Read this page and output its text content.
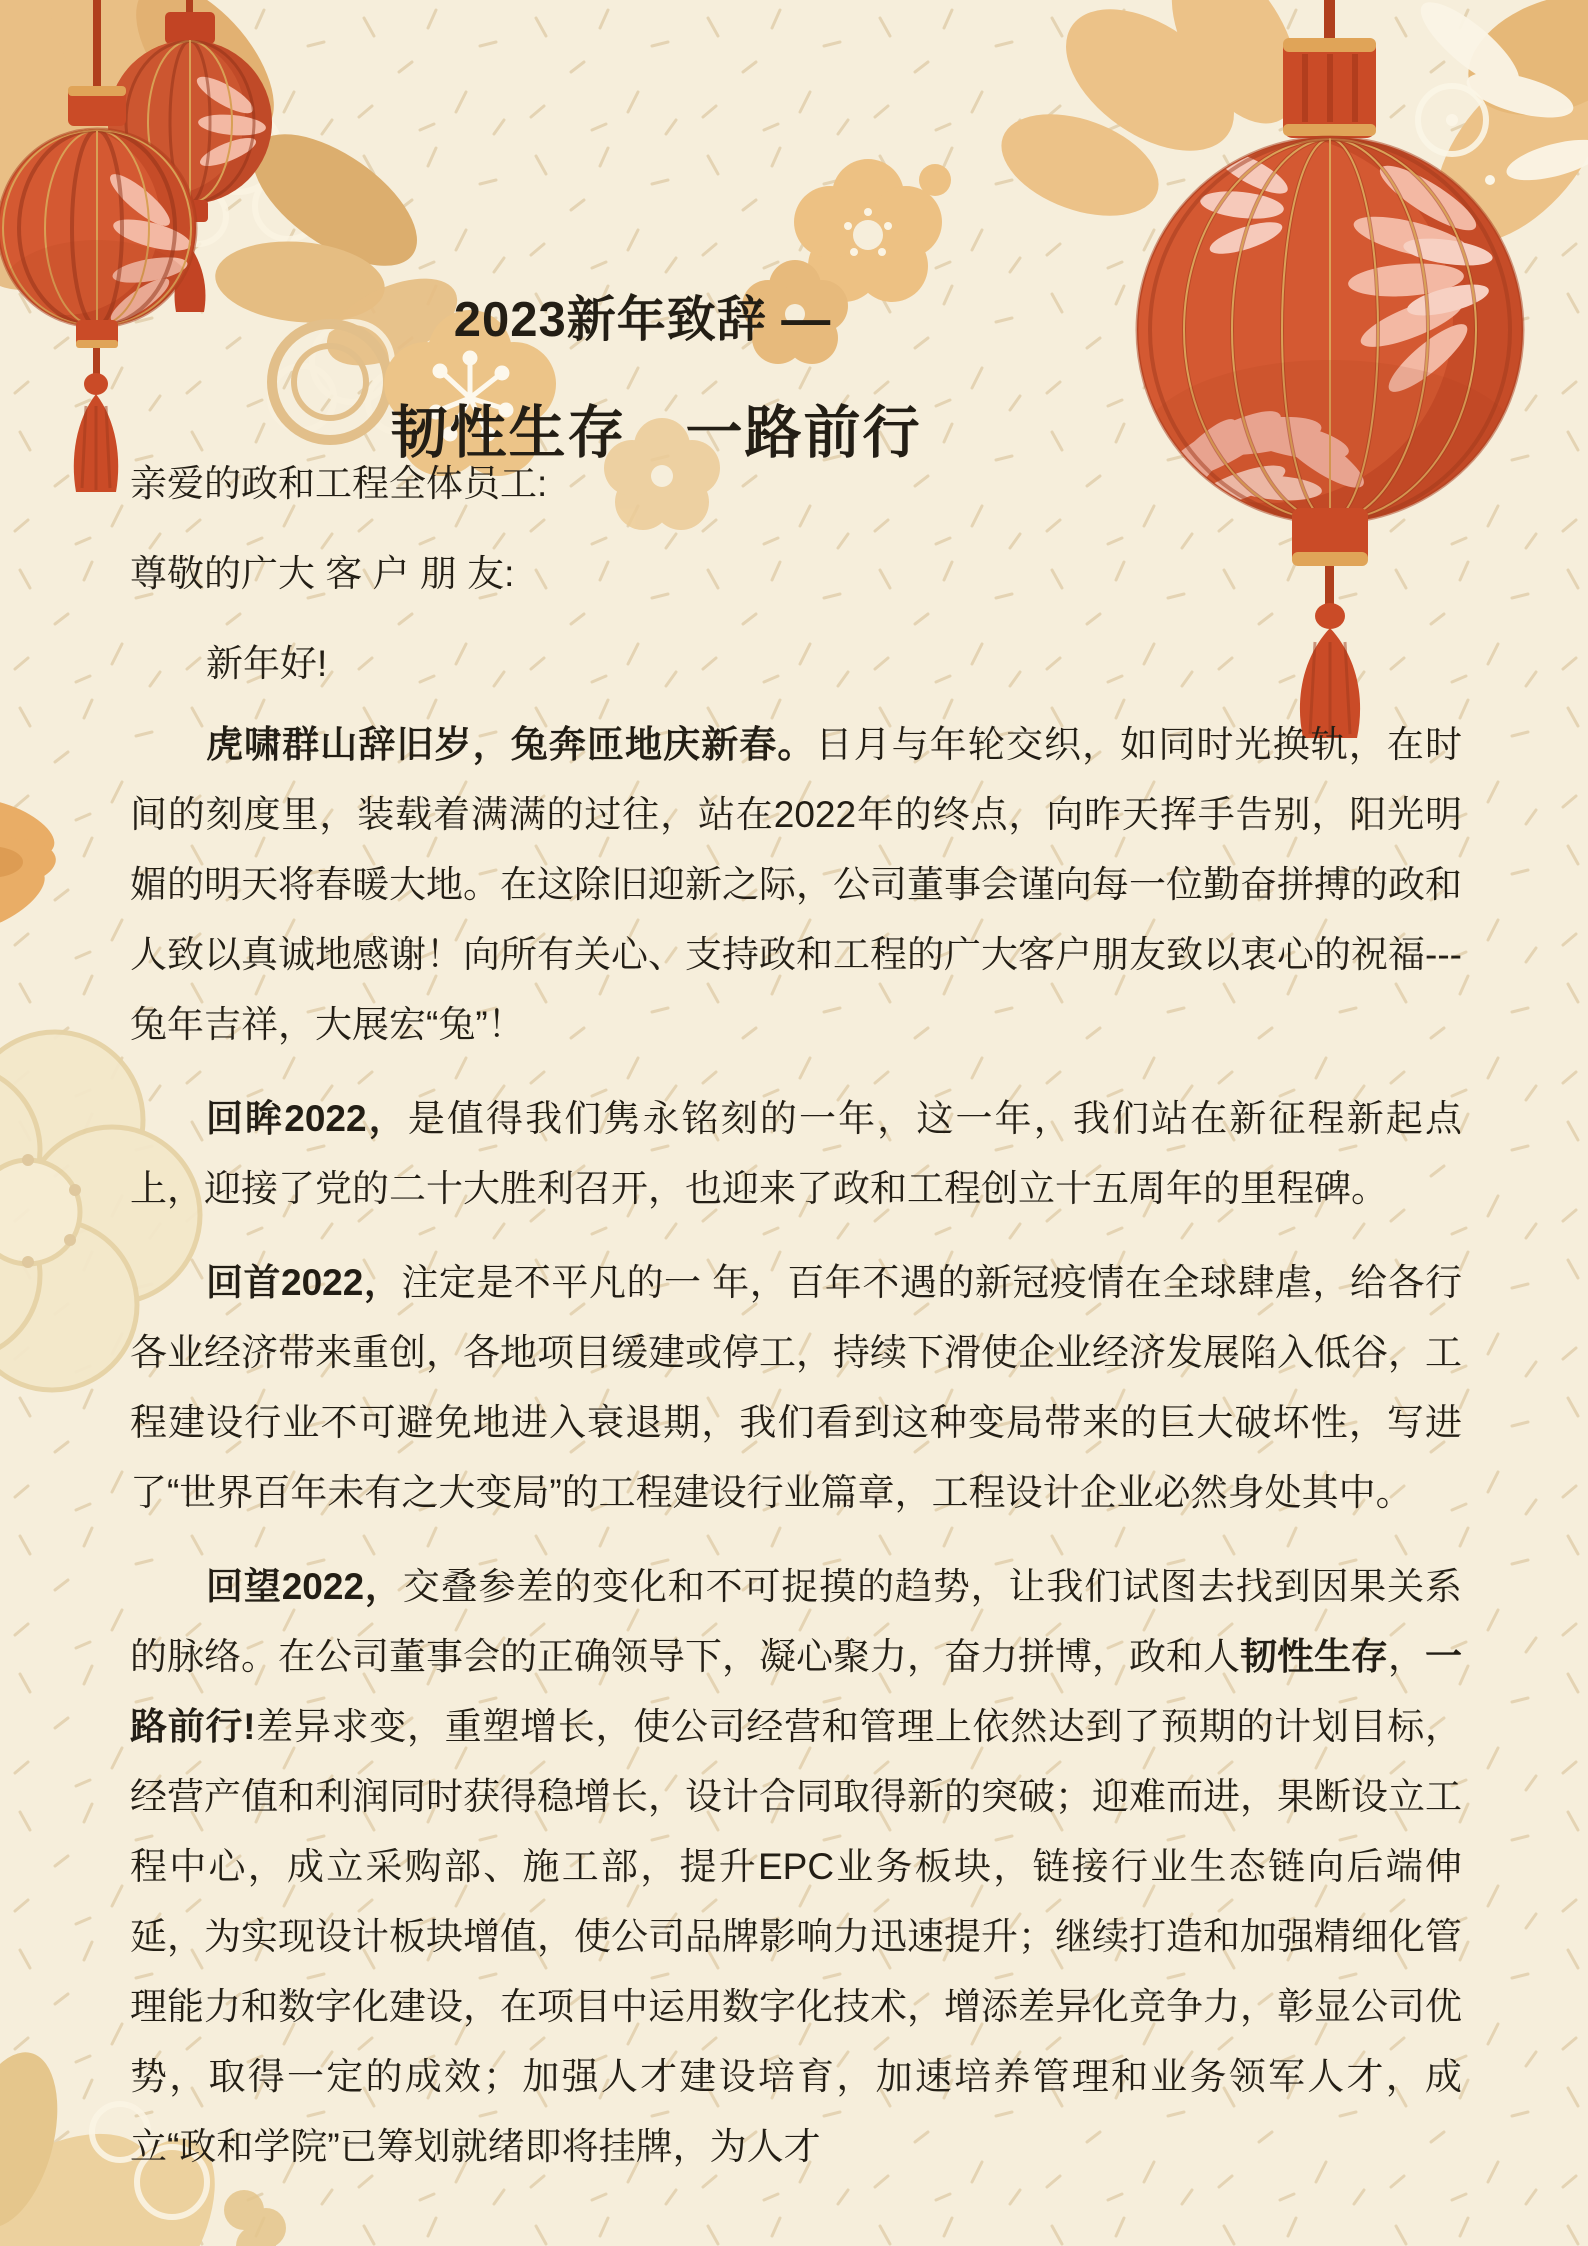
2023新年致辞 —
韧性生存　一路前行
亲爱的政和工程全体员工:
尊敬的广大 客 户 朋 友:
新年好!

虎啸群山辞旧岁，兔奔匝地庆新春。日月与年轮交织，如同时光换轨，在时间的刻度里，装载着满满的过往，站在2022年的终点，向昨天挥手告别，阳光明媚的明天将春暖大地。在这除旧迎新之际，公司董事会谨向每一位勤奋拼搏的政和人致以真诚地感谢！向所有关心、支持政和工程的广大客户朋友致以衷心的祝福---兔年吉祥，大展宏“兔”！

回眸2022，是值得我们隽永铭刻的一年，这一年，我们站在新征程新起点上，迎接了党的二十大胜利召开，也迎来了政和工程创立十五周年的里程碑。

回首2022，注定是不平凡的一 年，百年不遇的新冠疫情在全球肆虐，给各行各业经济带来重创，各地项目缓建或停工，持续下滑使企业经济发展陷入低谷，工程建设行业不可避免地进入衰退期，我们看到这种变局带来的巨大破坏性，写进了“世界百年未有之大变局”的工程建设行业篇章，工程设计企业必然身处其中。

回望2022，交叠参差的变化和不可捉摸的趋势，让我们试图去找到因果关系的脉络。在公司董事会的正确领导下，凝心聚力，奋力拼博，政和人韧性生存，一路前行!差异求变，重塑增长，使公司经营和管理上依然达到了预期的计划目标，经营产值和利润同时获得稳增长，设计合同取得新的突破；迎难而进，果断设立工程中心，成立采购部、施工部，提升EPC业务板块，链接行业生态链向后端伸延，为实现设计板块增值，使公司品牌影响力迅速提升；继续打造和加强精细化管理能力和数字化建设，在项目中运用数字化技术，增添差异化竞争力，彰显公司优势，取得一定的成效；加强人才建设培育，加速培养管理和业务领军人才，成立“政和学院”已筹划就绪即将挂牌，为人才
